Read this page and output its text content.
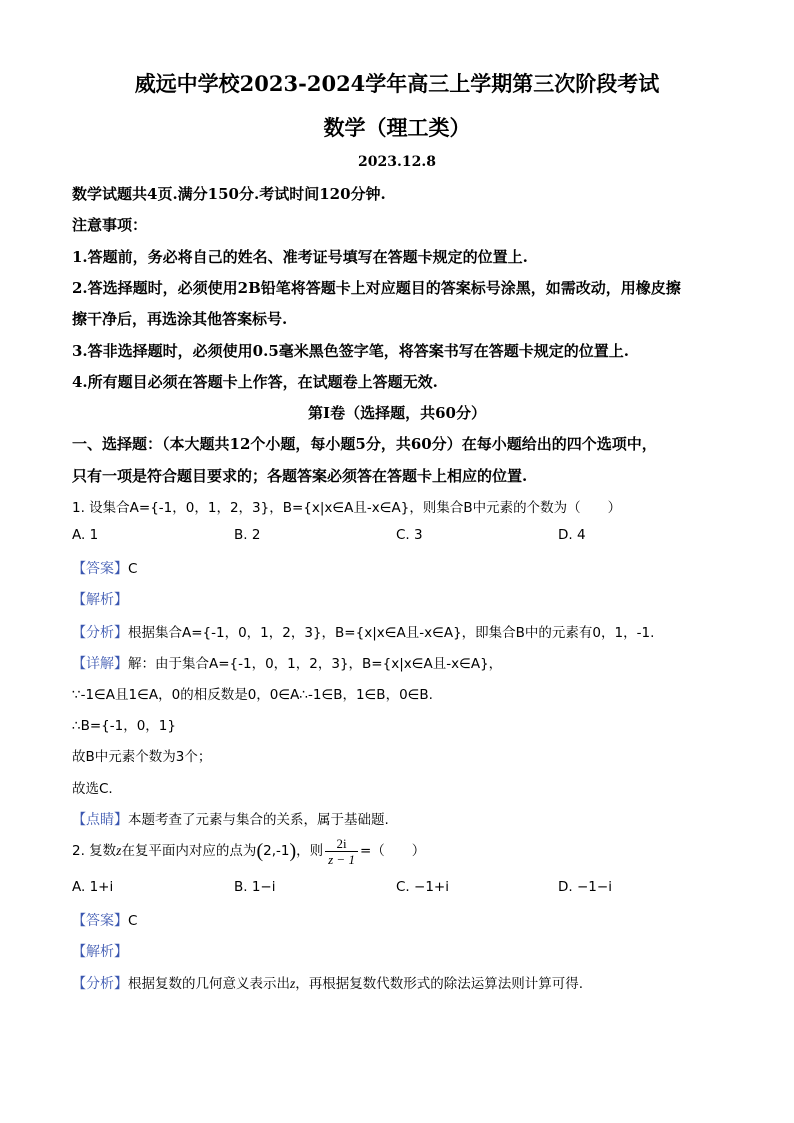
威远中学校2023-2024学年高三上学期第三次阶段考试
数学（理工类）
2023.12.8
数学试题共4页.满分150分.考试时间120分钟.
注意事项：
1.答题前，务必将自己的姓名、准考证号填写在答题卡规定的位置上.
2.答选择题时，必须使用2B铅笔将答题卡上对应题目的答案标号涂黑，如需改动，用橡皮擦
擦干净后，再选涂其他答案标号.
3.答非选择题时，必须使用0.5毫米黑色签字笔，将答案书写在答题卡规定的位置上.
4.所有题目必须在答题卡上作答，在试题卷上答题无效.
第I卷（选择题，共60分）
一、选择题：（本大题共12个小题，每小题5分，共60分）在每小题给出的四个选项中，
只有一项是符合题目要求的；各题答案必须答在答题卡上相应的位置.
1. 设集合A={-1，0，1，2，3}，B={x|x∈A且-x∈A}，则集合B中元素的个数为（　　）
A. 1	B. 2	C. 3	D. 4
【答案】C
【解析】
【分析】根据集合A={-1，0，1，2，3}，B={x|x∈A且-x∈A}，即集合B中的元素有0，1，-1.
【详解】解：由于集合A={-1，0，1，2，3}，B={x|x∈A且-x∈A}，
∵-1∈A且1∈A，0的相反数是0，0∈A∴-1∈B，1∈B，0∈B.
∴B={-1，0，1}
故B中元素个数为3个；
故选C.
【点睛】本题考查了元素与集合的关系，属于基础题.
2. 复数z在复平面内对应的点为(2,-1)，则 $\frac{2i}{z - 1}$ =（　　）
A. 1+i	B. 1−i	C. −1+i	D. −1−i
【答案】C
【解析】
【分析】根据复数的几何意义表示出z，再根据复数代数形式的除法运算法则计算可得.
